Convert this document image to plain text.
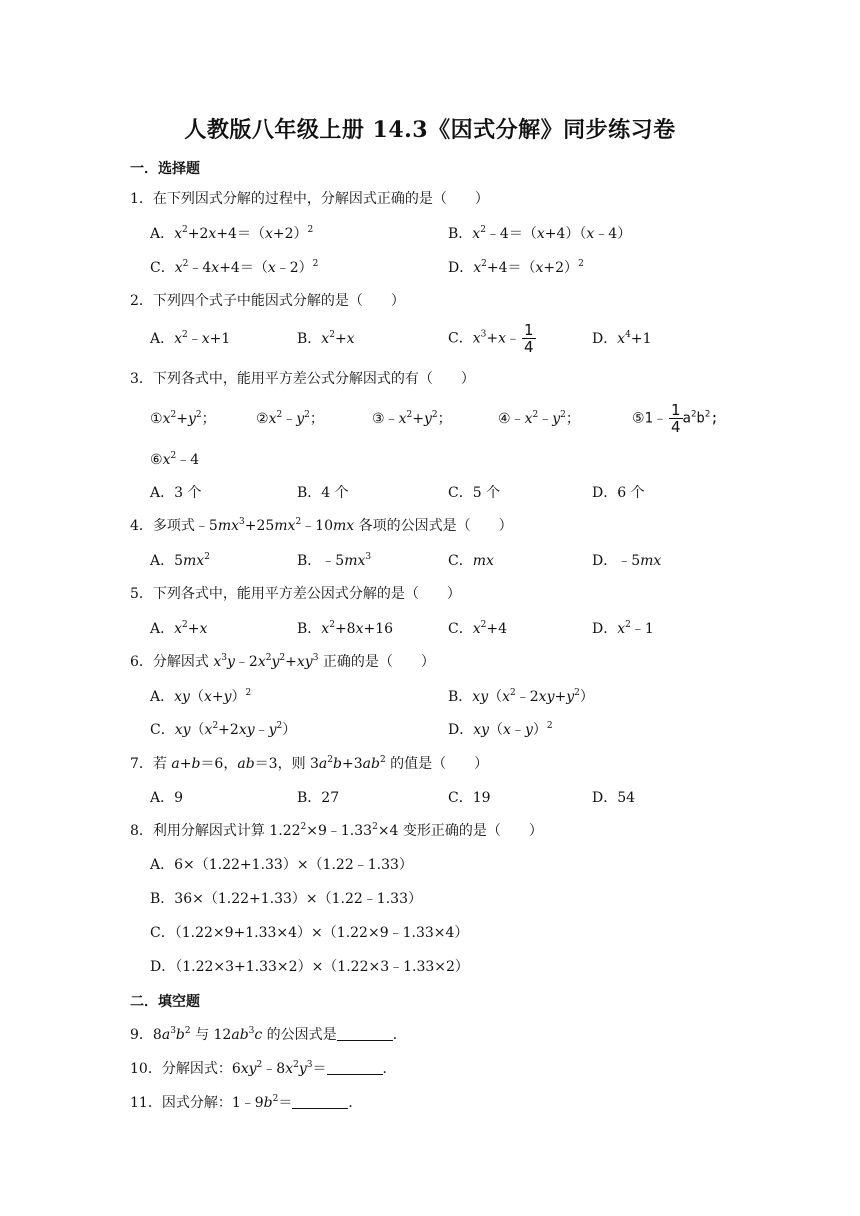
人教版八年级上册 14.3《因式分解》同步练习卷
一．选择题
1．在下列因式分解的过程中，分解因式正确的是（　　）
A．$x^2+2x+4=(x+2)^2$	B．$x^2﹣4=(x+4)(x﹣4)$
C．$x^2﹣4x+4=(x﹣2)^2$	D．$x^2+4=(x+2)^2$
2．下列四个式子中能因式分解的是（　　）
A．$x^2﹣x+1$	B．$x^2+x$	C．$x^3+x﹣ \frac{1}{4}$	D．$x^4+1$
3．下列各式中，能用平方差公式分解因式的有（　　）
$①x^2+y^2$；	$②x^2﹣y^2$；	$③﹣x^2+y^2$；	$④﹣x^2﹣y^2$；	⑤1﹣ $\frac{1}{4} a^2b^2$;
$⑥x^2﹣4$
A．3 个	B．4 个	C．5 个	D．6 个
4．多项式$﹣5mx^3+25mx^2﹣10mx$ 各项的公因式是（　　）
A．$5mx^2$	B．$﹣5mx^3$	C．mx	D．﹣5mx
5．下列各式中，能用平方差公因式分解的是（　　）
A．$x^2+x$	B．$x^2+8x+16$	C．$x^2+4$	D．$x^2﹣1$
6．分解因式 $x^3y﹣2x^2y^2+xy^3$ 正确的是（　　）
A．$xy(x+y)^2$	B．$xy(x^2﹣2xy+y^2)$
C．$xy(x^2+2xy﹣y^2)$	D．xy（x﹣y）$^2$
7．若 a+b＝6，ab＝3，则 $3a^2b+3ab^2$ 的值是（　　）
A．9	B．27	C．19	D．54
8．利用分解因式计算 $1.22^2\times 9﹣1.33^2\times 4$ 变形正确的是（　　）
A．6×（1.22+1.33）×（1.22﹣1.33）
B．36×（1.22+1.33）×（1.22﹣1.33）
C．（1.22×9+1.33×4）×（1.22×9﹣1.33×4）
D．（1.22×3+1.33×2）×（1.22×3﹣1.33×2）
二．填空题
9．$8a^3b^2$ 与 $12ab^3c$ 的公因式是	．
10．分解因式：$6xy^2﹣8x^2y^3=$	．
11．因式分解：$1﹣9b^2=$	．
